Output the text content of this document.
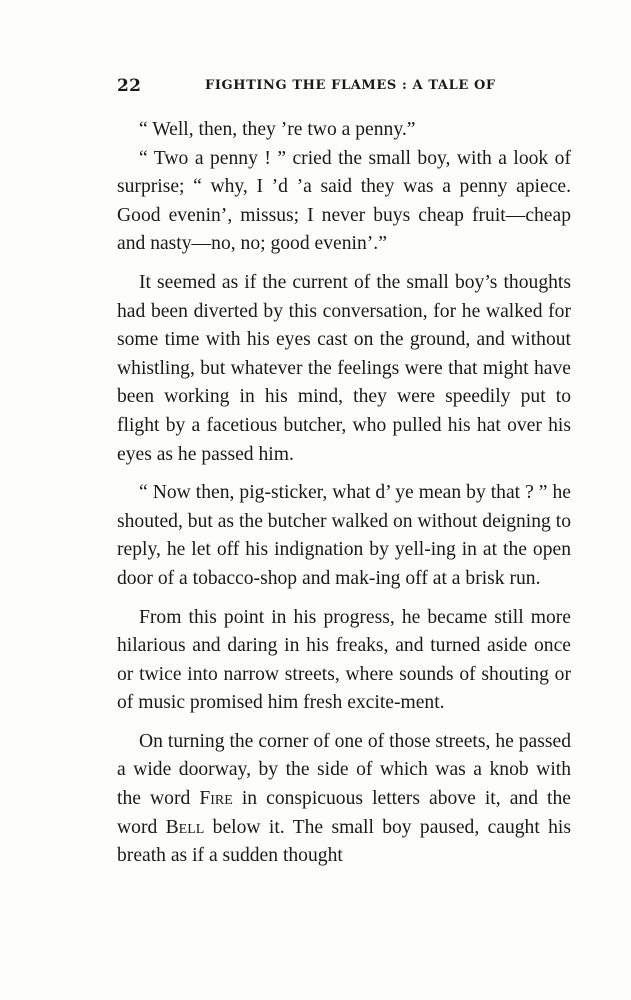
22	FIGHTING THE FLAMES : A TALE OF

“ Well, then, they ’re two a penny.”

“ Two a penny ! ” cried the small boy, with a look of surprise; “ why, I ’d ’a said they was a penny apiece. Good evenin’, missus; I never buys cheap fruit—cheap and nasty—no, no; good evenin’.”

It seemed as if the current of the small boy’s thoughts had been diverted by this conversation, for he walked for some time with his eyes cast on the ground, and without whistling, but whatever the feelings were that might have been working in his mind, they were speedily put to flight by a facetious butcher, who pulled his hat over his eyes as he passed him.

“ Now then, pig-sticker, what d’ ye mean by that ? ” he shouted, but as the butcher walked on without deigning to reply, he let off his indignation by yell-ing in at the open door of a tobacco-shop and mak-ing off at a brisk run.

From this point in his progress, he became still more hilarious and daring in his freaks, and turned aside once or twice into narrow streets, where sounds of shouting or of music promised him fresh excite-ment.

On turning the corner of one of those streets, he passed a wide doorway, by the side of which was a knob with the word Fire in conspicuous letters above it, and the word Bell below it. The small boy paused, caught his breath as if a sudden thought
